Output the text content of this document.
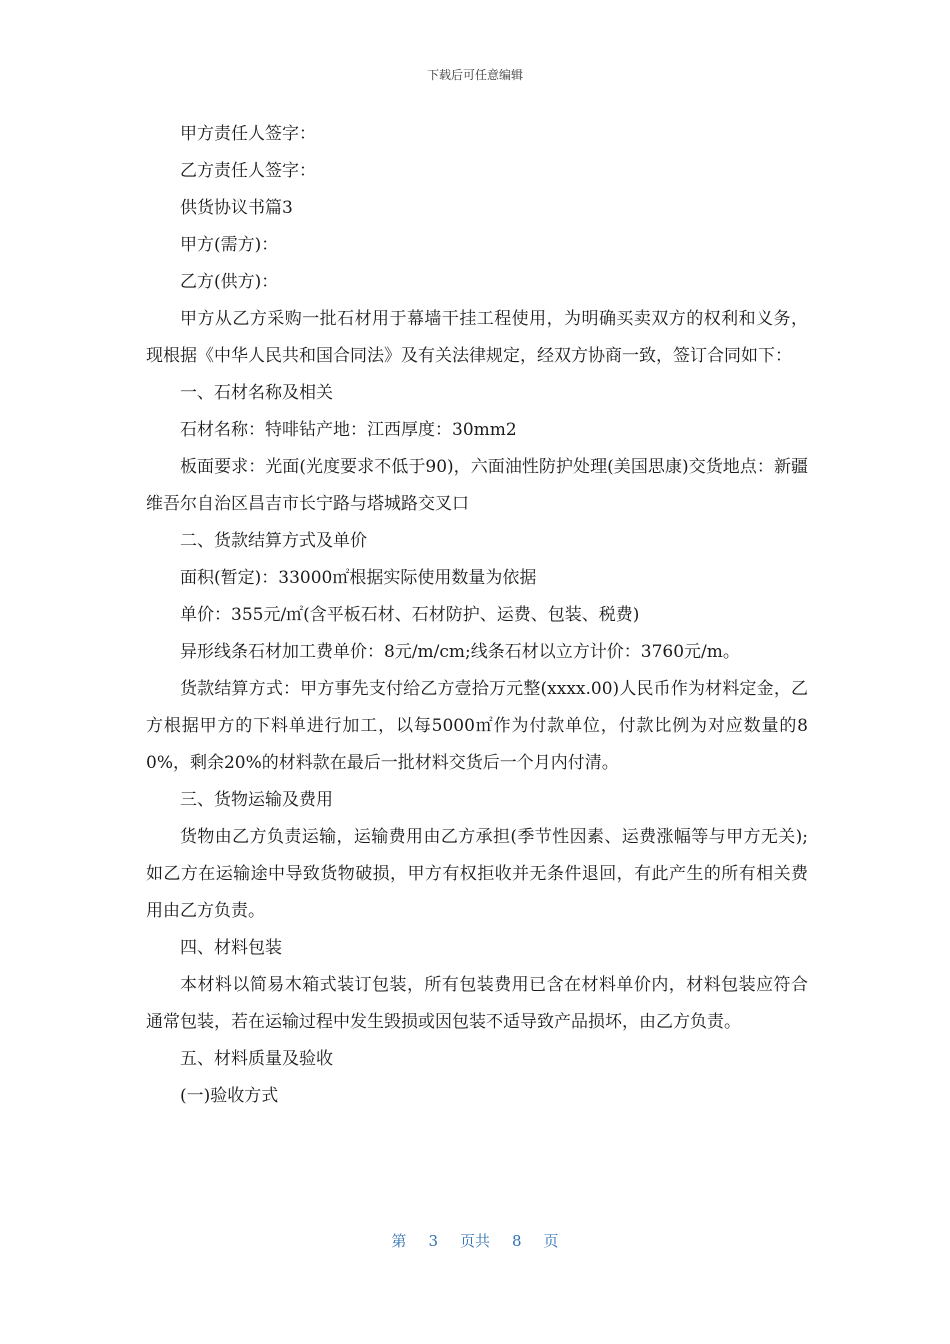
下载后可任意编辑

甲方责任人签字：

乙方责任人签字：

供货协议书篇3

甲方(需方)：

乙方(供方)：

甲方从乙方采购一批石材用于幕墙干挂工程使用，为明确买卖双方的权利和义务，现根据《中华人民共和国合同法》及有关法律规定，经双方协商一致，签订合同如下：

一、石材名称及相关

石材名称：特啡钻产地：江西厚度：30mm2

板面要求：光面(光度要求不低于90)，六面油性防护处理(美国思康)交货地点：新疆维吾尔自治区昌吉市长宁路与塔城路交叉口

二、货款结算方式及单价

面积(暂定)：33000㎡根据实际使用数量为依据

单价：355元/㎡(含平板石材、石材防护、运费、包装、税费)

异形线条石材加工费单价：8元/m/cm;线条石材以立方计价：3760元/m。

货款结算方式：甲方事先支付给乙方壹拾万元整(xxxx.00)人民币作为材料定金，乙方根据甲方的下料单进行加工，以每5000㎡作为付款单位，付款比例为对应数量的80%，剩余20%的材料款在最后一批材料交货后一个月内付清。

三、货物运输及费用

货物由乙方负责运输，运输费用由乙方承担(季节性因素、运费涨幅等与甲方无关);如乙方在运输途中导致货物破损，甲方有权拒收并无条件退回，有此产生的所有相关费用由乙方负责。

四、材料包装

本材料以简易木箱式装订包装，所有包装费用已含在材料单价内，材料包装应符合通常包装，若在运输过程中发生毁损或因包装不适导致产品损坏，由乙方负责。

五、材料质量及验收

(一)验收方式

第 3 页共 8 页
